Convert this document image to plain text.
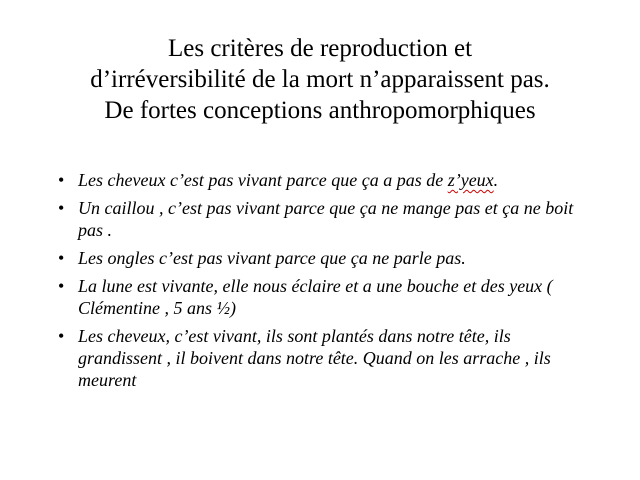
Les critères de reproduction et
d’irréversibilité de la mort n’apparaissent pas.
De fortes conceptions anthropomorphiques
• Les cheveux c’est pas vivant parce que ça a pas de z’yeux.
• Un caillou , c’est pas vivant parce que ça ne mange pas et ça ne boit pas .
• Les ongles c’est pas vivant parce que ça ne parle pas.
• La lune est vivante, elle nous éclaire et a une bouche et des yeux ( Clémentine , 5 ans ½)
• Les cheveux, c’est vivant, ils sont plantés dans notre tête, ils grandissent , il boivent dans notre tête. Quand on les arrache , ils meurent
